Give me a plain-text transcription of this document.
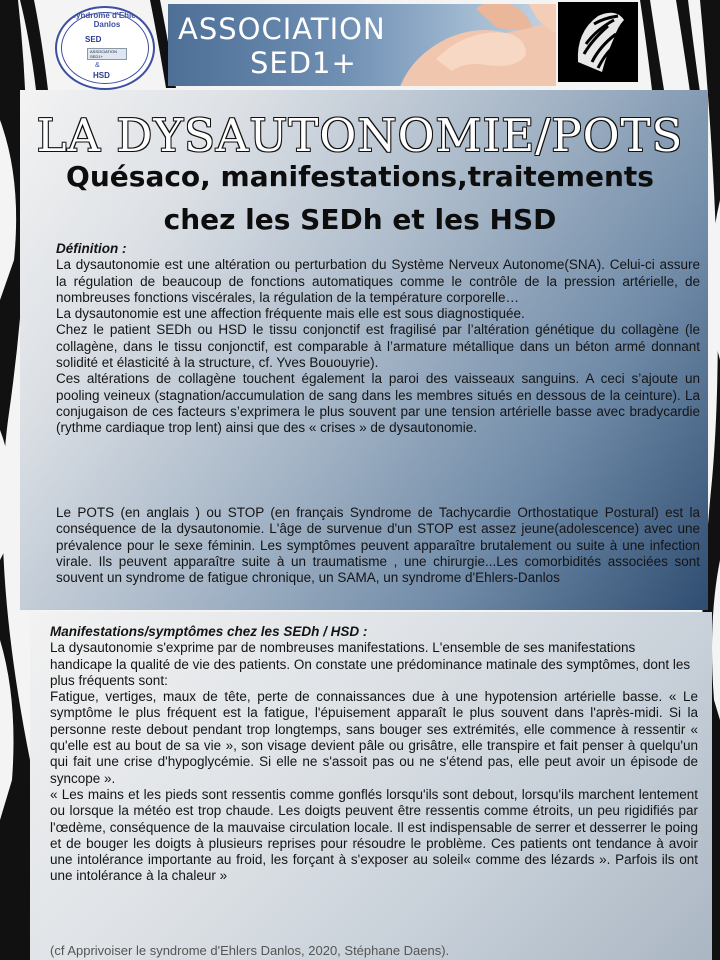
Syndrome d'Ehlers Danlos
SED
ASSOCIATION SED1+
&
HSD
ASSOCIATION
SED1+
LA DYSAUTONOMIE/POTS
Quésaco, manifestations,traitements
chez les SEDh et les HSD

Définition :

La dysautonomie est une altération ou perturbation du Système Nerveux Autonome(SNA). Celui-ci assure la régulation de beaucoup de fonctions automatiques comme le contrôle de la pression artérielle, de nombreuses fonctions viscérales, la régulation de la température corporelle…

La dysautonomie est une affection fréquente mais elle est sous diagnostiquée.

Chez le patient SEDh ou HSD le tissu conjonctif est fragilisé par l’altération génétique du collagène (le collagène, dans le tissu conjonctif, est comparable à l’armature métallique dans un béton armé donnant solidité et élasticité à la structure, cf. Yves Bououyrie).

Ces altérations de collagène touchent également la paroi des vaisseaux sanguins. A ceci s’ajoute un pooling veineux (stagnation/accumulation de sang dans les membres situés en dessous de la ceinture). La conjugaison de ces facteurs s’exprimera le plus souvent par une tension artérielle basse avec bradycardie (rythme cardiaque trop lent) ainsi que des « crises » de dysautonomie.

Le POTS (en anglais ) ou STOP (en français Syndrome de Tachycardie Orthostatique Postural) est la conséquence de la dysautonomie. L'âge de survenue d'un STOP est assez jeune(adolescence) avec une prévalence pour le sexe féminin. Les symptômes peuvent apparaître brutalement ou suite à une infection virale. Ils peuvent apparaître suite à un traumatisme , une chirurgie...Les comorbidités associées sont souvent un syndrome de fatigue chronique, un SAMA, un syndrome d'Ehlers-Danlos

Manifestations/symptômes chez les SEDh / HSD :

La dysautonomie s'exprime par de nombreuses manifestations. L'ensemble de ses manifestations handicape la qualité de vie des patients. On constate une prédominance matinale des symptômes, dont les plus fréquents sont:

Fatigue, vertiges, maux de tête, perte de connaissances due à une hypotension artérielle basse. « Le symptôme le plus fréquent est la fatigue, l'épuisement apparaît le plus souvent dans l'après-midi. Si la personne reste debout pendant trop longtemps, sans bouger ses extrémités, elle commence à ressentir « qu'elle est au bout de sa vie », son visage devient pâle ou grisâtre, elle transpire et fait penser à quelqu'un qui fait une crise d'hypoglycémie. Si elle ne s'assoit pas ou ne s'étend pas, elle peut avoir un épisode de syncope ».

« Les mains et les pieds sont ressentis comme gonflés lorsqu'ils sont debout, lorsqu'ils marchent lentement ou lorsque la météo est trop chaude. Les doigts peuvent être ressentis comme étroits, un peu rigidifiés par l'œdème, conséquence de la mauvaise circulation locale. Il est indispensable de serrer et desserrer le poing et de bouger les doigts à plusieurs reprises pour résoudre le problème. Ces patients ont tendance à avoir une intolérance importante au froid, les forçant à s'exposer au soleil« comme des lézards ». Parfois ils ont une intolérance à la chaleur »

(cf Apprivoiser le syndrome d'Ehlers Danlos, 2020, Stéphane Daens).
